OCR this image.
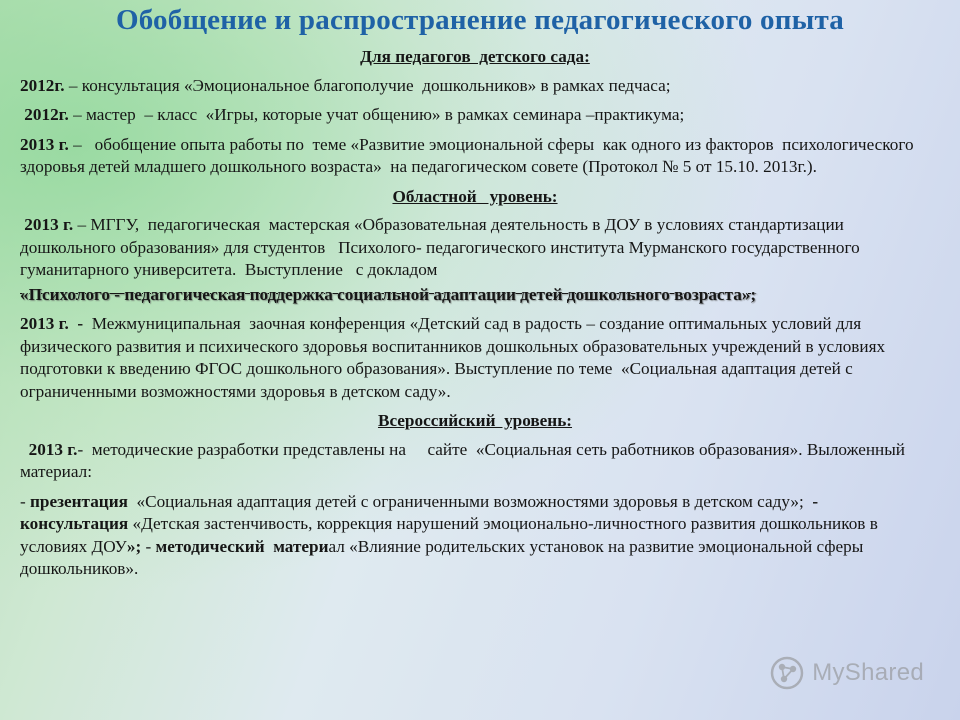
Обобщение и распространение педагогического опыта
Для педагогов  детского сада:
2012г. – консультация «Эмоциональное благополучие  дошкольников» в рамках педчаса;
2012г. – мастер  – класс  «Игры, которые учат общению» в рамках семинара –практикума;
2013 г. –   обобщение опыта работы по  теме «Развитие эмоциональной сферы  как одного из факторов  психологического здоровья детей младшего дошкольного возраста»  на педагогическом совете (Протокол № 5 от 15.10. 2013г.).
Областной   уровень:
2013 г. – МГГУ,  педагогическая  мастерская «Образовательная деятельность в ДОУ в условиях стандартизации  дошкольного образования» для студентов   Психолого- педагогического института Мурманского государственного гуманитарного университета.  Выступление   с докладом
«Психолого - педагогическая поддержка социальной адаптации детей дошкольного возраста»;
2013 г.  -  Межмуниципальная  заочная конференция «Детский сад в радость – создание оптимальных условий для физического развития и психического здоровья воспитанников дошкольных образовательных учреждений в условиях подготовки к введению ФГОС дошкольного образования». Выступление по теме  «Социальная адаптация детей с ограниченными возможностями здоровья в детском саду».
Всероссийский  уровень:
2013 г.-  методические разработки представлены на     сайте  «Социальная сеть работников образования». Выложенный материал:
- презентация  «Социальная адаптация детей с ограниченными возможностями здоровья в детском саду»;  - консультация «Детская застенчивость, коррекция нарушений эмоционально-личностного развития дошкольников в условиях ДОУ»; - методический  материал «Влияние родительских установок на развитие эмоциональной сферы дошкольников».
MyShared
